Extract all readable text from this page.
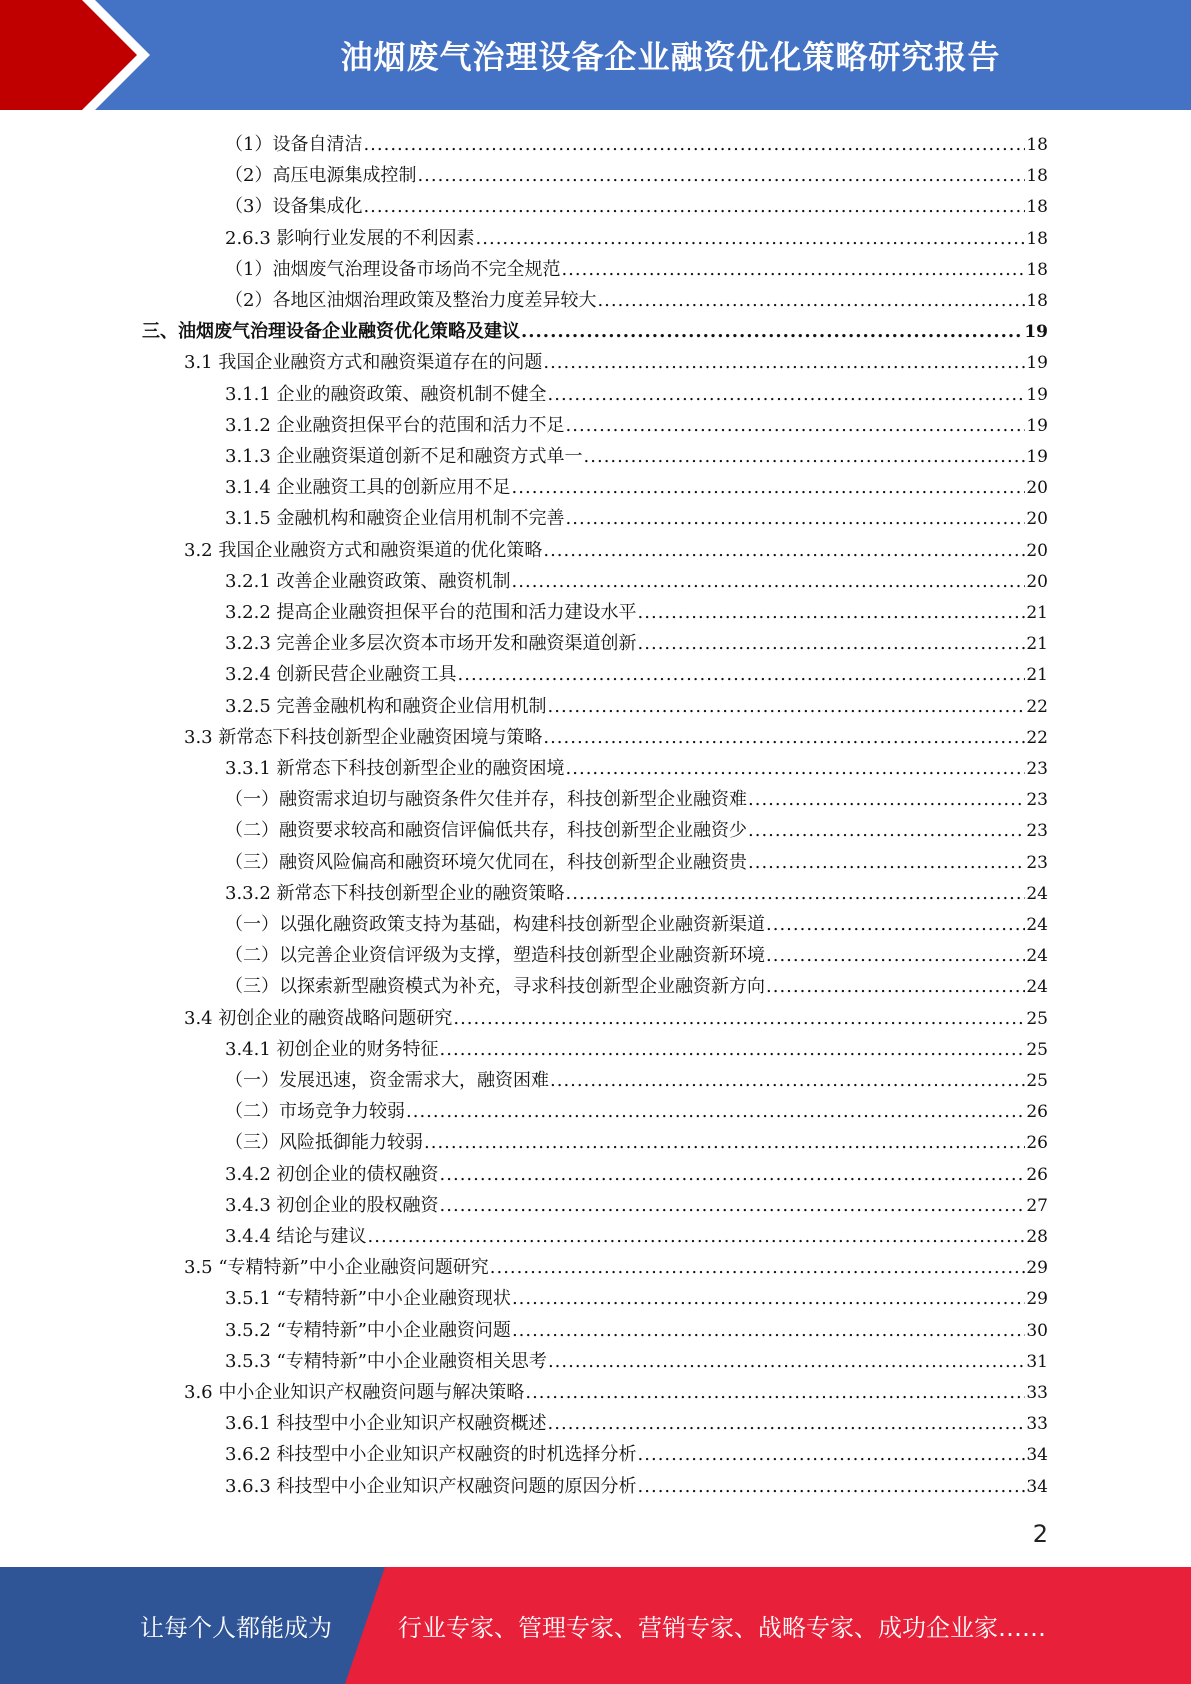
油烟废气治理设备企业融资优化策略研究报告
（1）设备自清洁 .....	18
（2）高压电源集成控制 .....	18
（3）设备集成化 .....	18
2.6.3 影响行业发展的不利因素 .....	18
（1）油烟废气治理设备市场尚不完全规范 .....	18
（2）各地区油烟治理政策及整治力度差异较大 .....	18
三、油烟废气治理设备企业融资优化策略及建议 .....	19
3.1 我国企业融资方式和融资渠道存在的问题 .....	19
3.1.1 企业的融资政策、融资机制不健全 .....	19
3.1.2 企业融资担保平台的范围和活力不足 .....	19
3.1.3 企业融资渠道创新不足和融资方式单一 .....	19
3.1.4 企业融资工具的创新应用不足 .....	20
3.1.5 金融机构和融资企业信用机制不完善 .....	20
3.2 我国企业融资方式和融资渠道的优化策略 .....	20
3.2.1 改善企业融资政策、融资机制 .....	20
3.2.2 提高企业融资担保平台的范围和活力建设水平 .....	21
3.2.3 完善企业多层次资本市场开发和融资渠道创新 .....	21
3.2.4 创新民营企业融资工具 .....	21
3.2.5 完善金融机构和融资企业信用机制 .....	22
3.3 新常态下科技创新型企业融资困境与策略 .....	22
3.3.1 新常态下科技创新型企业的融资困境 .....	23
（一）融资需求迫切与融资条件欠佳并存，科技创新型企业融资难 .....	23
（二）融资要求较高和融资信评偏低共存，科技创新型企业融资少 .....	23
（三）融资风险偏高和融资环境欠优同在，科技创新型企业融资贵 .....	23
3.3.2 新常态下科技创新型企业的融资策略 .....	24
（一）以强化融资政策支持为基础，构建科技创新型企业融资新渠道 .....	24
（二）以完善企业资信评级为支撑，塑造科技创新型企业融资新环境 .....	24
（三）以探索新型融资模式为补充，寻求科技创新型企业融资新方向 .....	24
3.4 初创企业的融资战略问题研究 .....	25
3.4.1 初创企业的财务特征 .....	25
（一）发展迅速，资金需求大，融资困难 .....	25
（二）市场竞争力较弱 .....	26
（三）风险抵御能力较弱 .....	26
3.4.2 初创企业的债权融资 .....	26
3.4.3 初创企业的股权融资 .....	27
3.4.4 结论与建议 .....	28
3.5 “专精特新”中小企业融资问题研究 .....	29
3.5.1 “专精特新”中小企业融资现状 .....	29
3.5.2 “专精特新”中小企业融资问题 .....	30
3.5.3 “专精特新”中小企业融资相关思考 .....	31
3.6 中小企业知识产权融资问题与解决策略 .....	33
3.6.1 科技型中小企业知识产权融资概述 .....	33
3.6.2 科技型中小企业知识产权融资的时机选择分析 .....	34
3.6.3 科技型中小企业知识产权融资问题的原因分析 .....	34
2
让每个人都能成为	行业专家、管理专家、营销专家、战略专家、成功企业家……
